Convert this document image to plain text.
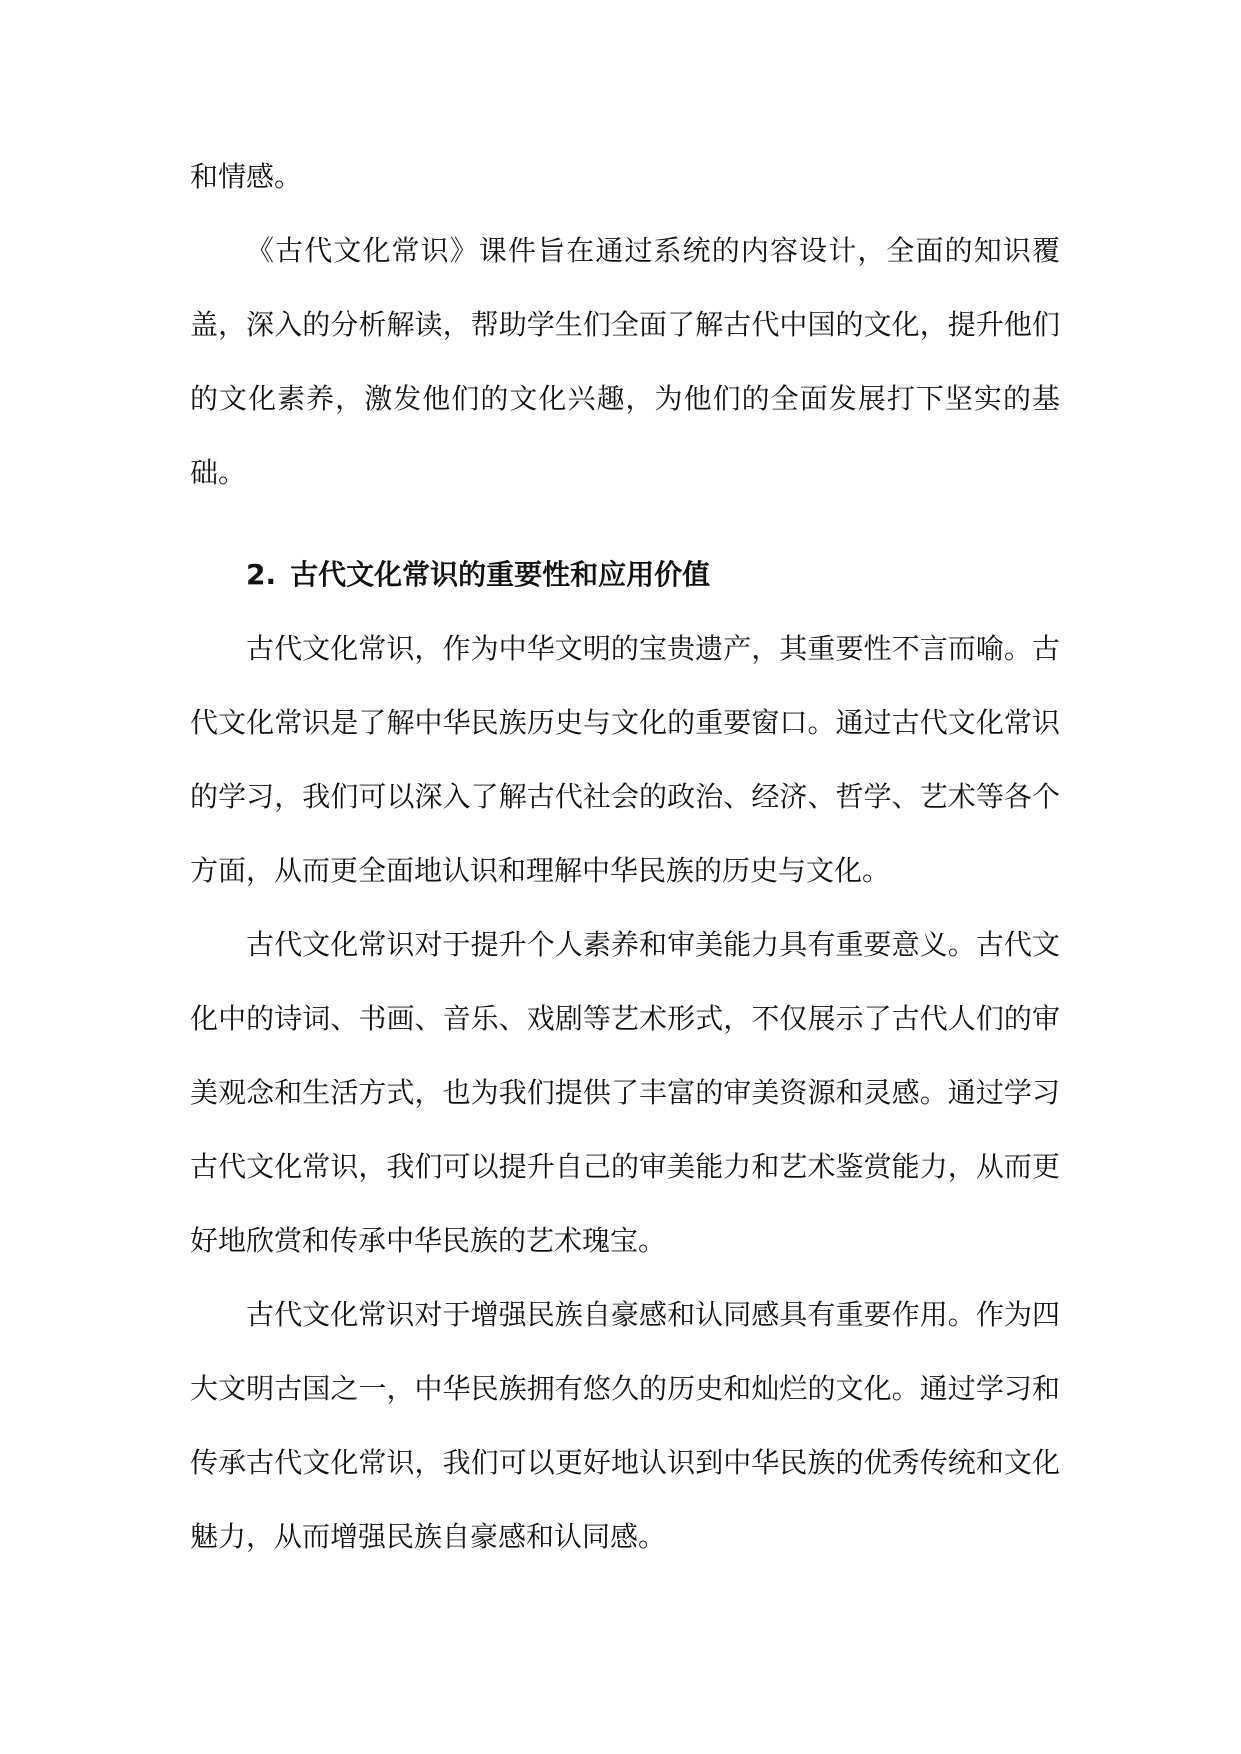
和情感。

《古代文化常识》课件旨在通过系统的内容设计，全面的知识覆盖，深入的分析解读，帮助学生们全面了解古代中国的文化，提升他们的文化素养，激发他们的文化兴趣，为他们的全面发展打下坚实的基础。

2. 古代文化常识的重要性和应用价值

古代文化常识，作为中华文明的宝贵遗产，其重要性不言而喻。古代文化常识是了解中华民族历史与文化的重要窗口。通过古代文化常识的学习，我们可以深入了解古代社会的政治、经济、哲学、艺术等各个方面，从而更全面地认识和理解中华民族的历史与文化。

古代文化常识对于提升个人素养和审美能力具有重要意义。古代文化中的诗词、书画、音乐、戏剧等艺术形式，不仅展示了古代人们的审美观念和生活方式，也为我们提供了丰富的审美资源和灵感。通过学习古代文化常识，我们可以提升自己的审美能力和艺术鉴赏能力，从而更好地欣赏和传承中华民族的艺术瑰宝。

古代文化常识对于增强民族自豪感和认同感具有重要作用。作为四大文明古国之一，中华民族拥有悠久的历史和灿烂的文化。通过学习和传承古代文化常识，我们可以更好地认识到中华民族的优秀传统和文化魅力，从而增强民族自豪感和认同感。
